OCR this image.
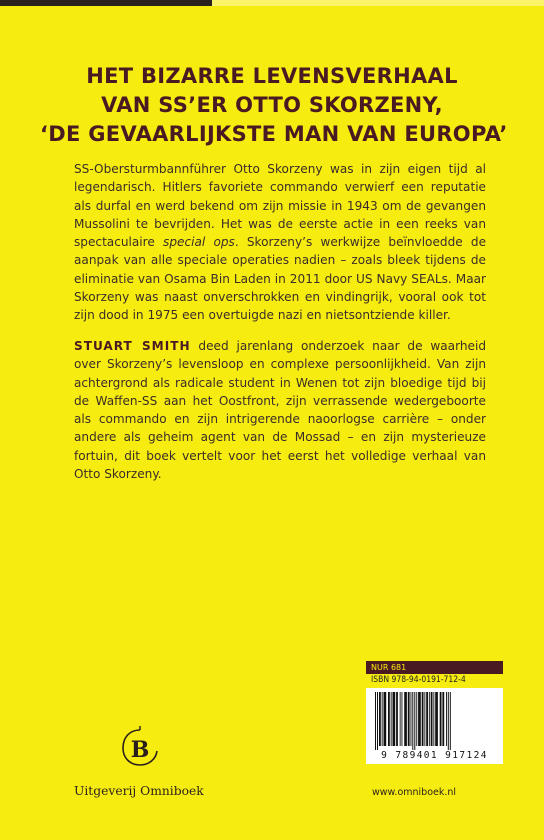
HET BIZARRE LEVENSVERHAAL
VAN SS’ER OTTO SKORZENY,
‘DE GEVAARLIJKSTE MAN VAN EUROPA’
SS-Obersturmbannführer Otto Skorzeny was in zijn eigen tijd al legendarisch. Hitlers favoriete commando verwierf een reputatie als durfal en werd bekend om zijn missie in 1943 om de gevangen Mussolini te bevrijden. Het was de eerste actie in een reeks van spectaculaire special ops. Skorzeny’s werkwijze beïnvloedde de aanpak van alle speciale operaties nadien – zoals bleek tijdens de eliminatie van Osama Bin Laden in 2011 door US Navy SEALs. Maar Skorzeny was naast onverschrokken en vindingrijk, vooral ook tot zijn dood in 1975 een overtuigde nazi en nietsontziende killer.
STUART SMITH deed jarenlang onderzoek naar de waarheid over Skorzeny’s levensloop en complexe persoonlijkheid. Van zijn achtergrond als radicale student in Wenen tot zijn bloedige tijd bij de Waffen-SS aan het Oostfront, zijn verrassende wedergeboorte als commando en zijn intrigerende naoorlogse carrière – onder andere als geheim agent van de Mossad – en zijn mysterieuze fortuin, dit boek vertelt voor het eerst het volledige verhaal van Otto Skorzeny.
NUR 681
ISBN 978-94-0191-712-4
9 789401 917124
B
Uitgeverij Omniboek	www.omniboek.nl
